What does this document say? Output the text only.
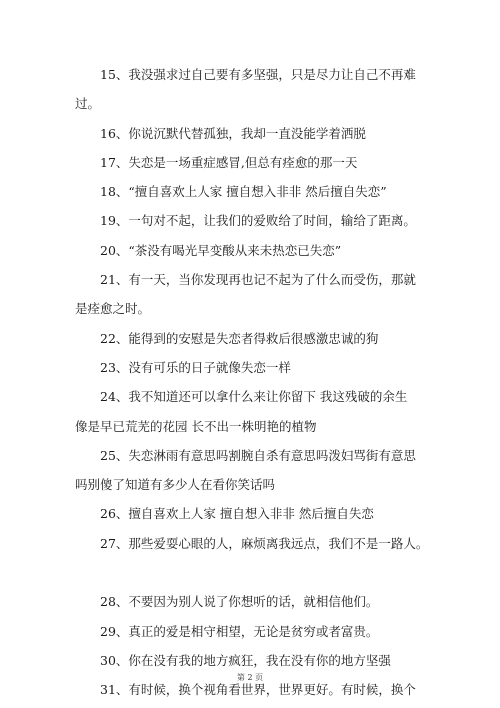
15、我没强求过自己要有多坚强，只是尽力让自己不再难
过。
16、你说沉默代替孤独，我却一直没能学着洒脱
17、失恋是一场重症感冒,但总有痊愈的那一天
18、“擅自喜欢上人家 擅自想入非非 然后擅自失恋”
19、一句对不起，让我们的爱败给了时间，输给了距离。
20、“茶没有喝光早变酸从来未热恋已失恋”
21、有一天，当你发现再也记不起为了什么而受伤，那就
是痊愈之时。
22、能得到的安慰是失恋者得救后很感激忠诚的狗
23、没有可乐的日子就像失恋一样
24、我不知道还可以拿什么来让你留下 我这残破的余生
像是早已荒芜的花园 长不出一株明艳的植物
25、失恋淋雨有意思吗割腕自杀有意思吗泼妇骂街有意思
吗别傻了知道有多少人在看你笑话吗
26、擅自喜欢上人家 擅自想入非非 然后擅自失恋
27、那些爱耍心眼的人，麻烦离我远点，我们不是一路人。
28、不要因为别人说了你想听的话，就相信他们。
29、真正的爱是相守相望，无论是贫穷或者富贵。
30、你在没有我的地方疯狂，我在没有你的地方坚强
31、有时候，换个视角看世界，世界更好。有时候，换个
第 2 页
